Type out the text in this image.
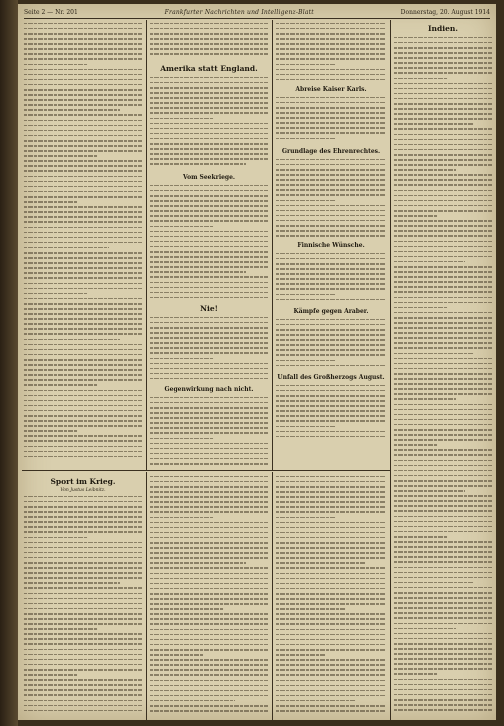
Seite 2 — Nr. 201	Frankfurter Nachrichten und Intelligenz-Blatt	Donnerstag, 20. August 1914
Amerika statt England.
Vom Seekriege.
Nie!
Gegenwirkung nach nicht.
Abreise Kaiser Karls.
Grundlage des Ehrenrechtes.
Finnische Wünsche.
Kämpfe gegen Araber.
Unfall des Großherzogs August.
Indien.
Sport im Krieg.
Von Justus Leibnitz.
